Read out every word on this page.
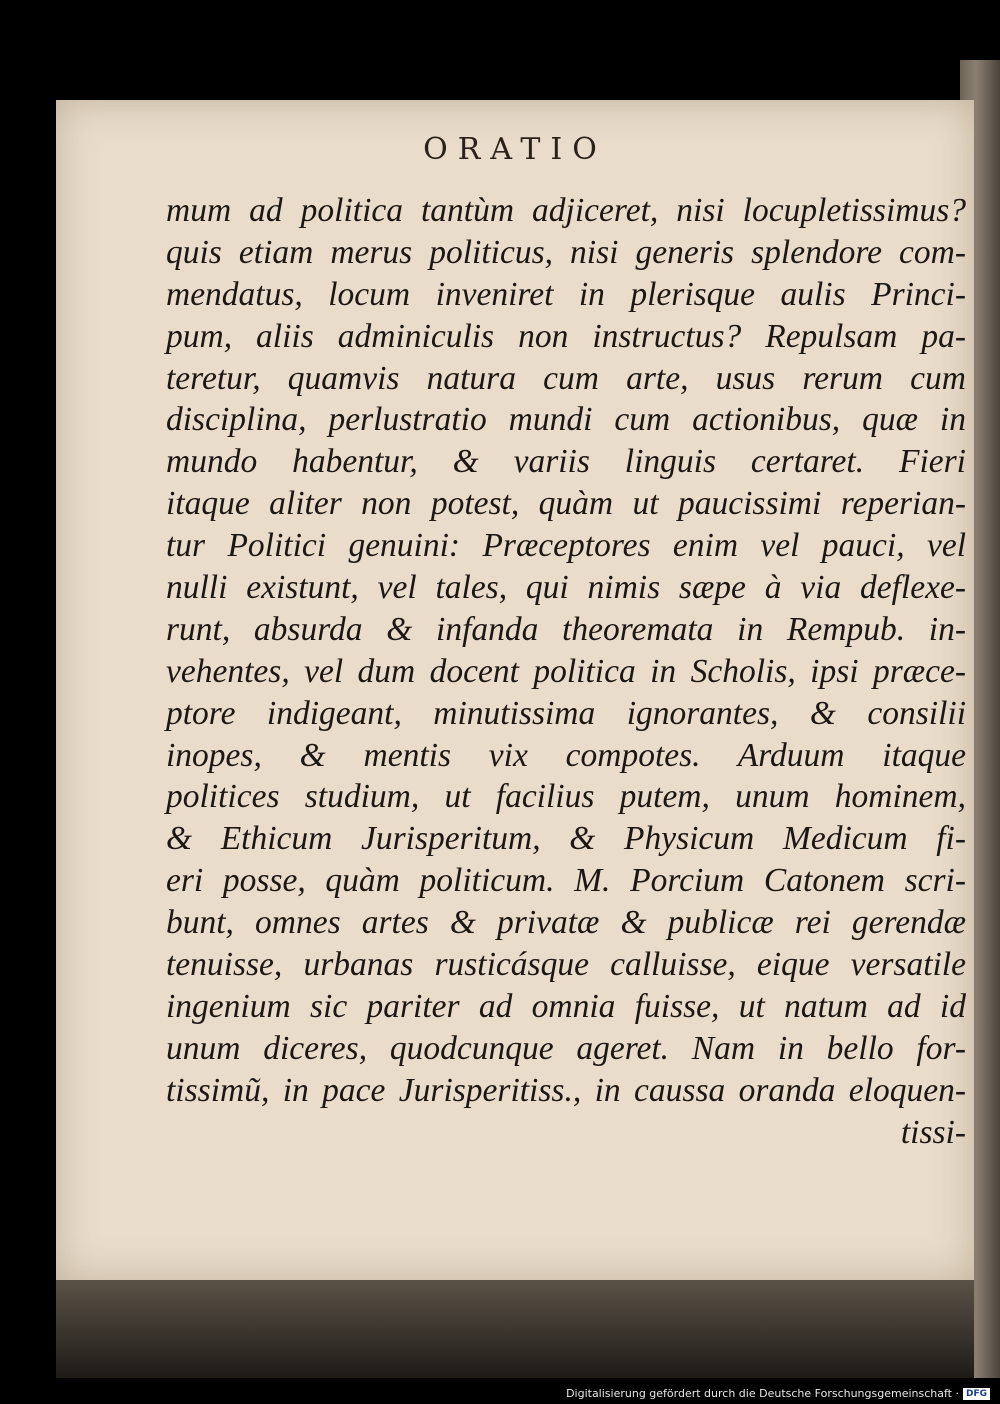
ORATIO
mum ad politica tantùm adjiceret, nisi locupletissimus?
quis etiam merus politicus, nisi generis splendore com-
mendatus, locum inveniret in plerisque aulis Princi-
pum, aliis adminiculis non instructus? Repulsam pa-
teretur, quamvis natura cum arte, usus rerum cum
disciplina, perlustratio mundi cum actionibus, quæ in
mundo habentur, & variis linguis certaret. Fieri
itaque aliter non potest, quàm ut paucissimi reperian-
tur Politici genuini: Præceptores enim vel pauci, vel
nulli existunt, vel tales, qui nimis sæpe à via deflexe-
runt, absurda & infanda theoremata in Rempub. in-
vehentes, vel dum docent politica in Scholis, ipsi præce-
ptore indigeant, minutissima ignorantes, & consilii
inopes, & mentis vix compotes. Arduum itaque
politices studium, ut facilius putem, unum hominem,
& Ethicum Jurisperitum, & Physicum Medicum fi-
eri posse, quàm politicum. M. Porcium Catonem scri-
bunt, omnes artes & privatæ & publicæ rei gerendæ
tenuisse, urbanas rusticásque calluisse, eique versatile
ingenium sic pariter ad omnia fuisse, ut natum ad id
unum diceres, quodcunque ageret. Nam in bello for-
tissimũ, in pace Jurisperitiss., in caussa oranda eloquen-
tissi-
Digitalisierung gefördert durch die Deutsche Forschungsgemeinschaft · DFG
